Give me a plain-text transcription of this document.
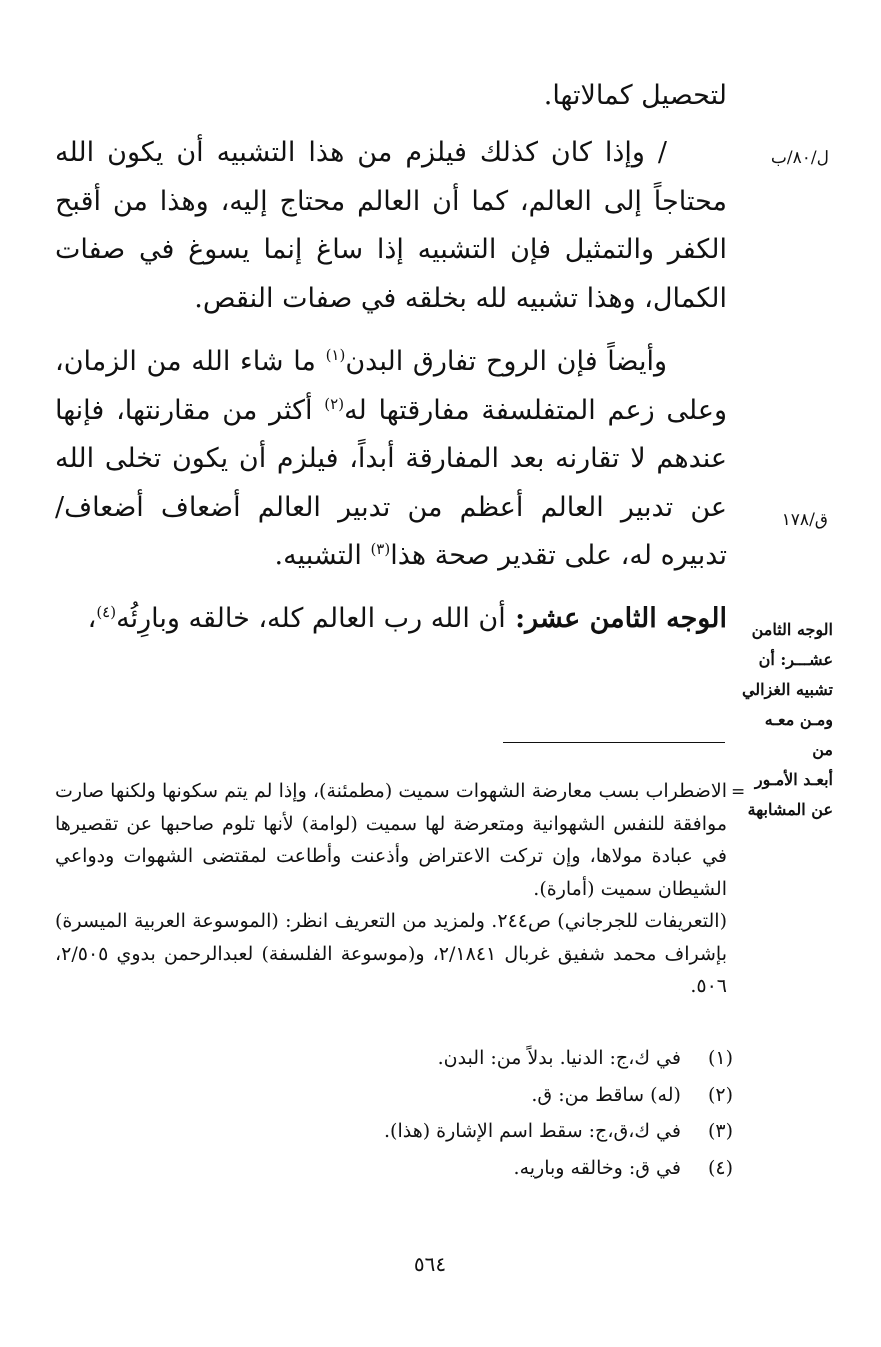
لتحصيل كمالاتها.

/ وإذا كان كذلك فيلزم من هذا التشبيه أن يكون الله محتاجاً إلى العالم، كما أن العالم محتاج إليه، وهذا من أقبح الكفر والتمثيل فإن التشبيه إذا ساغ إنما يسوغ في صفات الكمال، وهذا تشبيه لله بخلقه في صفات النقص.

وأيضاً فإن الروح تفارق البدن$^{(١)}$ ما شاء الله من الزمان، وعلى زعم المتفلسفة مفارقتها له$^{(٢)}$ أكثر من مقارنتها، فإنها عندهم لا تقارنه بعد المفارقة أبداً، فيلزم أن يكون تخلى الله عن تدبير العالم أعظم من تدبير العالم أضعاف أضعاف/ تدبيره له، على تقدير صحة هذا$^{(٣)}$ التشبيه.

الوجه الثامن عشر: أن الله رب العالم كله، خالقه وبارِئُه$^{(٤)}$،

ل/٨٠/ب
ق/١٧٨
الوجه الثامن
عشـــر: أن
تشبيه الغزالي
ومـن معـه من
أبعـد الأمـور
عن المشابهة
=

الاضطراب بسب معارضة الشهوات سميت (مطمئنة)، وإذا لم يتم سكونها ولكنها صارت موافقة للنفس الشهوانية ومتعرضة لها سميت (لوامة) لأنها تلوم صاحبها عن تقصيرها في عبادة مولاها، وإن تركت الاعتراض وأذعنت وأطاعت لمقتضى الشهوات ودواعي الشيطان سميت (أمارة).

(التعريفات للجرجاني) ص٢٤٤. ولمزيد من التعريف انظر: (الموسوعة العربية الميسرة) بإشراف محمد شفيق غربال ٢/١٨٤١، و(موسوعة الفلسفة) لعبدالرحمن بدوي ٢/٥٠٥، ٥٠٦.

(١) في ك،ج: الدنيا. بدلاً من: البدن.
(٢) (له) ساقط من: ق.
(٣) في ك،ق،ج: سقط اسم الإشارة (هذا).
(٤) في ق: وخالقه وباريه.
٥٦٤
